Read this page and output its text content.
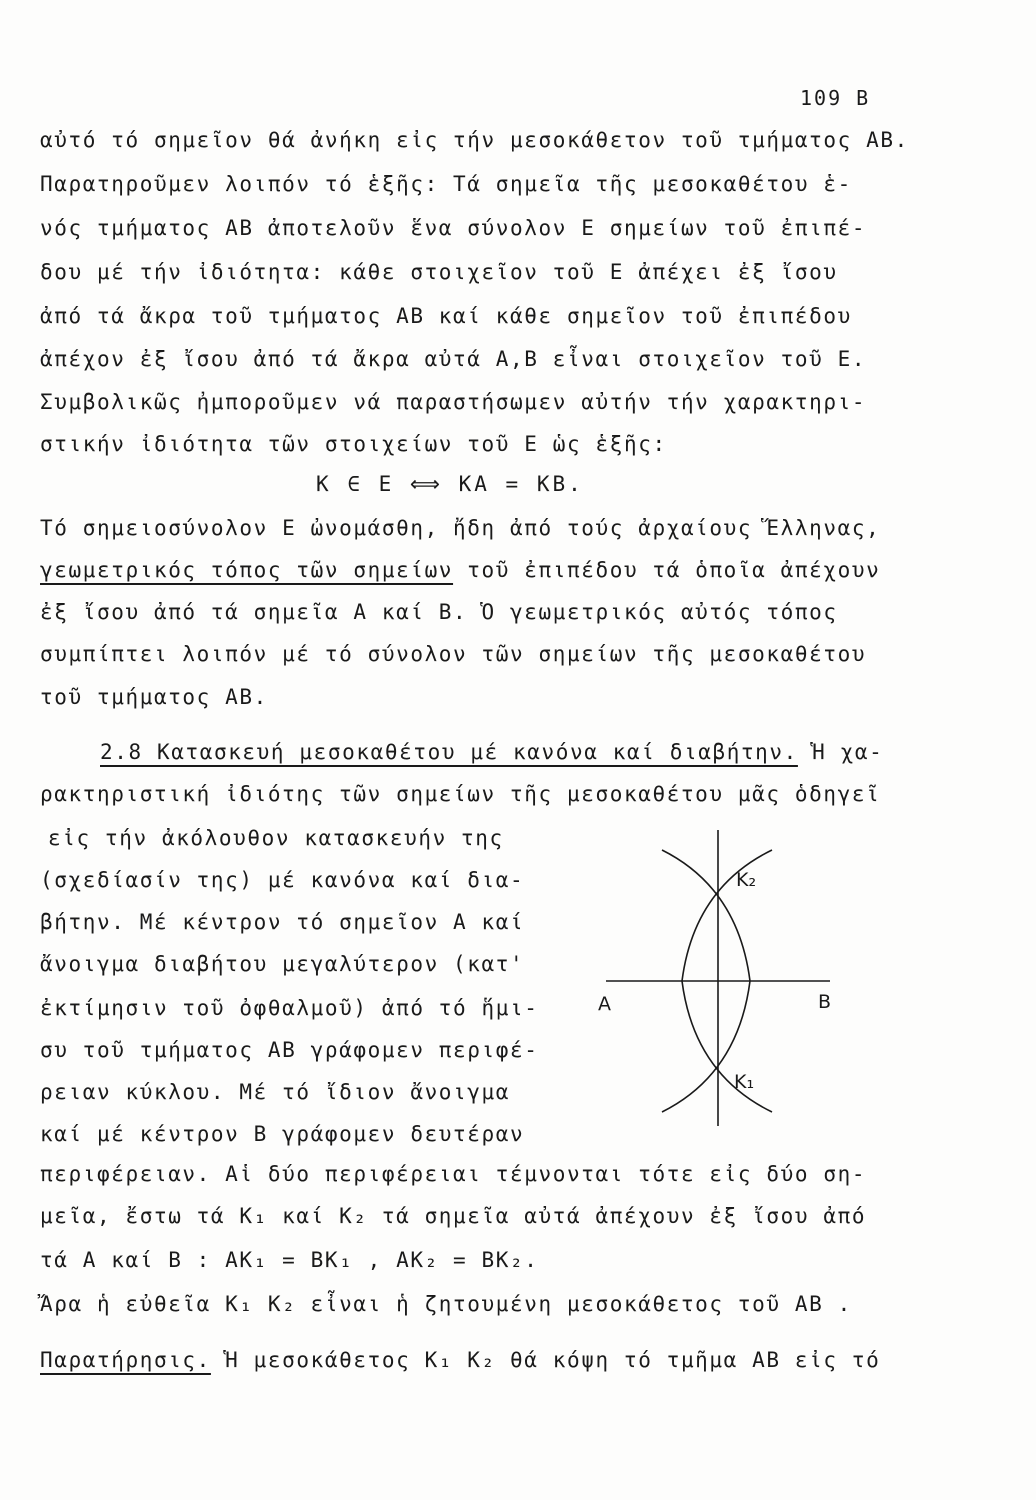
109 B
αὐτό τό σημεῖον θά ἀνήκη εἰς τήν μεσοκάθετον τοῦ τμήματος ΑΒ.
Παρατηροῦμεν λοιπόν τό ἑξῆς: Τά σημεῖα τῆς μεσοκαθέτου ἑ-
νός τμήματος ΑΒ ἀποτελοῦν ἕνα σύνολον Ε σημείων τοῦ ἐπιπέ-
δου μέ τήν ἰδιότητα: κάθε στοιχεῖον τοῦ Ε ἀπέχει ἐξ ἴσου
ἀπό τά ἄκρα τοῦ τμήματος ΑΒ καί κάθε σημεῖον τοῦ ἐπιπέδου
ἀπέχον ἐξ ἴσου ἀπό τά ἄκρα αὐτά Α,Β εἶναι στοιχεῖον τοῦ Ε.
Συμβολικῶς ἠμποροῦμεν νά παραστήσωμεν αὐτήν τήν χαρακτηρι-
στικήν ἰδιότητα τῶν στοιχείων τοῦ Ε ὡς ἑξῆς:
Κ ∈ Ε ⟺ ΚΑ = ΚΒ.
Τό σημειοσύνολον Ε ὠνομάσθη, ἤδη ἀπό τούς ἀρχαίους Ἕλληνας,
γεωμετρικός τόπος τῶν σημείων τοῦ ἐπιπέδου τά ὁποῖα ἀπέχουν
ἐξ ἴσου ἀπό τά σημεῖα Α καί Β. Ὁ γεωμετρικός αὐτός τόπος
συμπίπτει λοιπόν μέ τό σύνολον τῶν σημείων τῆς μεσοκαθέτου
τοῦ τμήματος ΑΒ.
2.8 Κατασκευή μεσοκαθέτου μέ κανόνα καί διαβήτην. Ἡ χα-
ρακτηριστική ἰδιότης τῶν σημείων τῆς μεσοκαθέτου μᾶς ὁδηγεῖ
εἰς τήν ἀκόλουθον κατασκευήν της
(σχεδίασίν της) μέ κανόνα καί δια-
βήτην. Μέ κέντρον τό σημεῖον Α καί
ἄνοιγμα διαβήτου μεγαλύτερον (κατ'
ἐκτίμησιν τοῦ ὀφθαλμοῦ) ἀπό τό ἥμι-
συ τοῦ τμήματος ΑΒ γράφομεν περιφέ-
ρειαν κύκλου. Μέ τό ἴδιον ἄνοιγμα
καί μέ κέντρον Β γράφομεν δευτέραν
περιφέρειαν. Αἱ δύο περιφέρειαι τέμνονται τότε εἰς δύο ση-
μεῖα, ἔστω τά Κ₁ καί Κ₂ τά σημεῖα αὐτά ἀπέχουν ἐξ ἴσου ἀπό
τά Α καί Β : ΑΚ₁ = ΒΚ₁ , ΑΚ₂ = ΒΚ₂.
Ἄρα ἡ εὐθεῖα Κ₁ Κ₂ εἶναι ἡ ζητουμένη μεσοκάθετος τοῦ ΑΒ .
Παρατήρησις. Ἡ μεσοκάθετος Κ₁ Κ₂ θά κόψη τό τμῆμα ΑΒ εἰς τό
Α	Β
K₂
K₁
